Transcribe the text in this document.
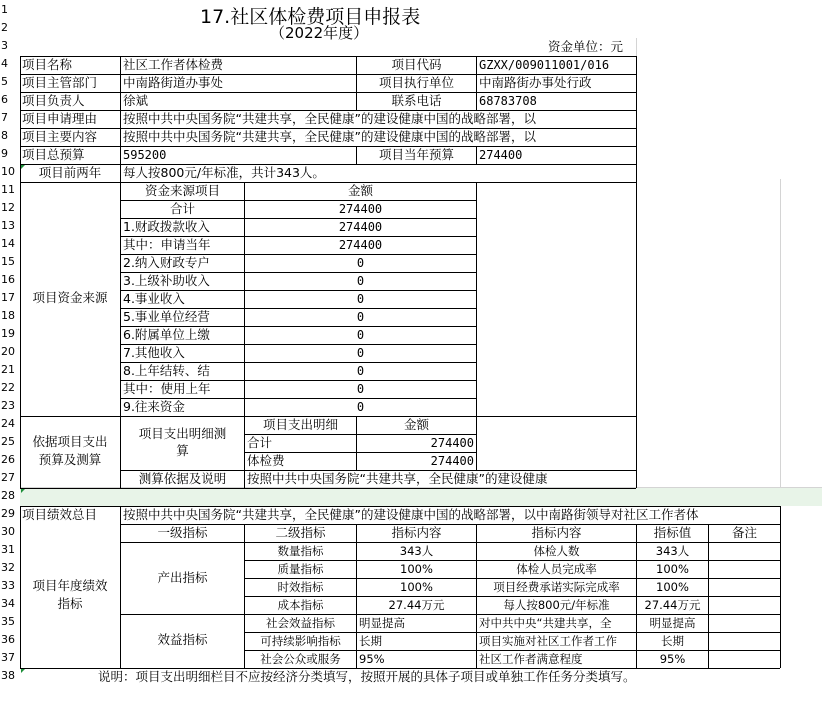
1
2
3
4
5
6
7
8
9
10
11
12
13
14
15
16
17
18
19
20
21
22
23
24
25
26
27
28
29
30
31
32
33
34
35
36
37
38
17.社区体检费项目申报表
（2022年度）
资金单位：元
项目名称	社区工作者体检费	项目代码	GZXX/009011001/016
项目主管部门	中南路街道办事处	项目执行单位	中南路街办事处行政
项目负责人	徐斌	联系电话	68783708
项目申请理由	按照中共中央国务院“共建共享，全民健康”的建设健康中国的战略部署，以
项目主要内容	按照中共中央国务院“共建共享，全民健康”的建设健康中国的战略部署，以
项目总预算	595200	项目当年预算	274400
项目前两年	每人按800元/年标准，共计343人。
项目资金来源
资金来源项目	金额
合计	274400
1.财政拨款收入	274400
其中：申请当年	274400
2.纳入财政专户	0
3.上级补助收入	0
4.事业收入	0
5.事业单位经营	0
6.附属单位上缴	0
7.其他收入	0
8.上年结转、结	0
其中：使用上年	0
9.往来资金	0
依据项目支出
预算及测算
项目支出明细测
算
项目支出明细	金额
合计	274400
体检费	274400
测算依据及说明	按照中共中央国务院“共建共享，全民健康”的建设健康
项目绩效总目	按照中共中央国务院“共建共享，全民健康”的建设健康中国的战略部署，以中南路街领导对社区工作者体
项目年度绩效
指标
一级指标	二级指标	指标内容	指标内容	指标值	备注
产出指标
效益指标
数量指标	343人	体检人数	343人
质量指标	100%	体检人员完成率	100%
时效指标	100%	项目经费承诺实际完成率	100%
成本指标	27.44万元	每人按800元/年标准	27.44万元
社会效益指标	明显提高	对中共中央“共建共享，全	明显提高
可持续影响指标	长期	项目实施对社区工作者工作	长期
社会公众或服务	95%	社区工作者满意程度	95%
说明：项目支出明细栏目不应按经济分类填写，按照开展的具体子项目或单独工作任务分类填写。
